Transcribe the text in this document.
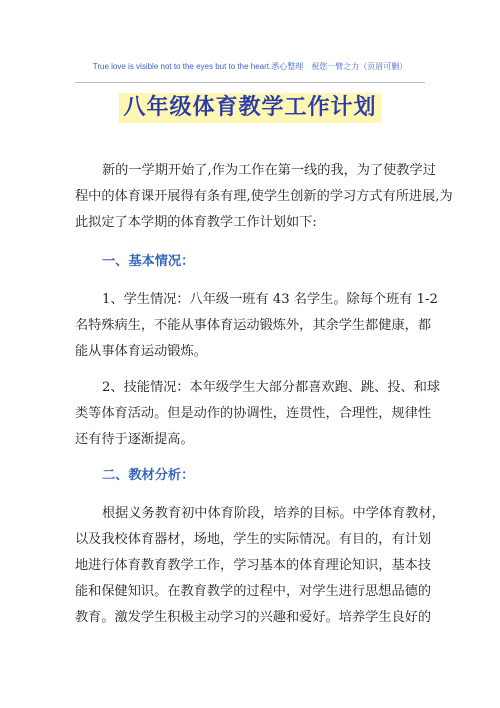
True love is visible not to the eyes but to the heart.悉心整理　祝您一臂之力（页眉可删）
八年级体育教学工作计划
新的一学期开始了,作为工作在第一线的我，为了使教学过
程中的体育课开展得有条有理,使学生创新的学习方式有所进展,为
此拟定了本学期的体育教学工作计划如下:
一、基本情况：
1、学生情况：八年级一班有 43 名学生。除每个班有 1-2
名特殊病生，不能从事体育运动锻炼外，其余学生都健康，都
能从事体育运动锻炼。
2、技能情况：本年级学生大部分都喜欢跑、跳、投、和球
类等体育活动。但是动作的协调性，连贯性，合理性，规律性
还有待于逐渐提高。
二、教材分析：
根据义务教育初中体育阶段，培养的目标。中学体育教材，
以及我校体育器材，场地，学生的实际情况。有目的，有计划
地进行体育教育教学工作，学习基本的体育理论知识，基本技
能和保健知识。在教育教学的过程中，对学生进行思想品德的
教育。激发学生积极主动学习的兴趣和爱好。培养学生良好的
